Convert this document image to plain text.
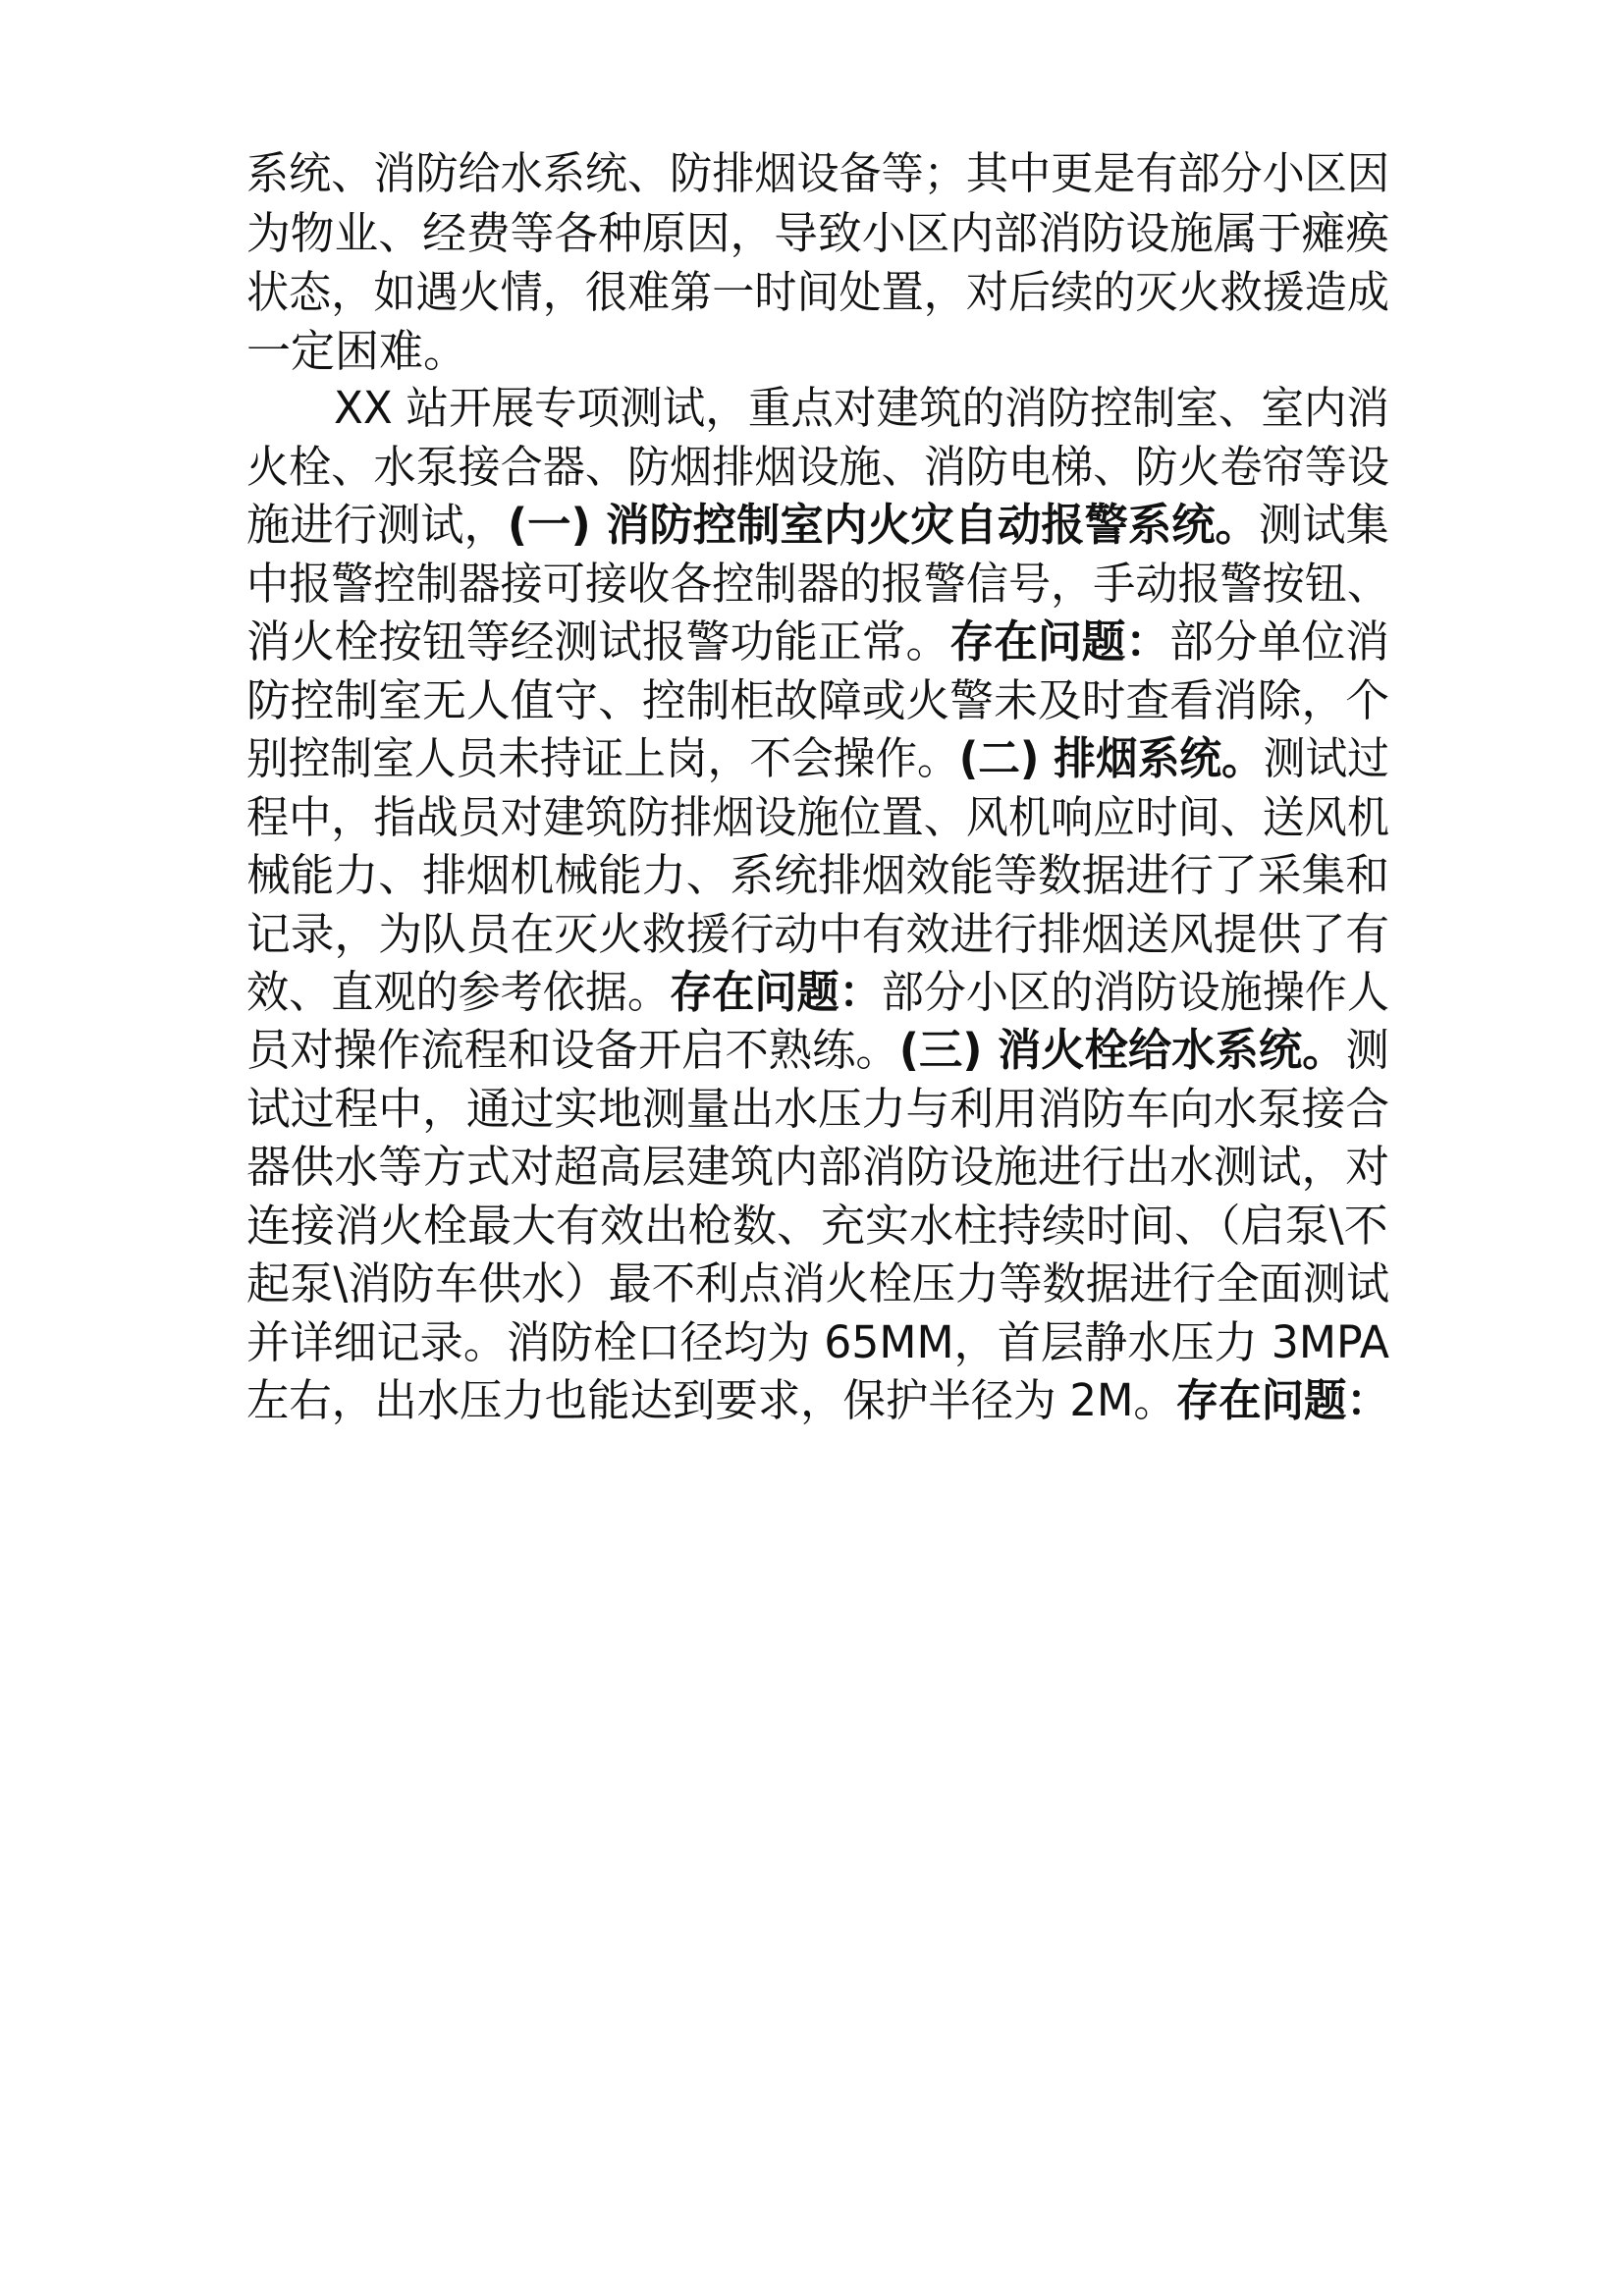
系统、消防给水系统、防排烟设备等；其中更是有部分小区因
为物业、经费等各种原因，导致小区内部消防设施属于瘫痪
状态，如遇火情，很难第一时间处置，对后续的灭火救援造成
一定困难。
XX 站开展专项测试，重点对建筑的消防控制室、室内消
火栓、水泵接合器、防烟排烟设施、消防电梯、防火卷帘等设
施进行测试，(一) 消防控制室内火灾自动报警系统。测试集
中报警控制器接可接收各控制器的报警信号，手动报警按钮、
消火栓按钮等经测试报警功能正常。存在问题：部分单位消
防控制室无人值守、控制柜故障或火警未及时查看消除，个
别控制室人员未持证上岗，不会操作。(二) 排烟系统。测试过
程中，指战员对建筑防排烟设施位置、风机响应时间、送风机
械能力、排烟机械能力、系统排烟效能等数据进行了采集和
记录，为队员在灭火救援行动中有效进行排烟送风提供了有
效、直观的参考依据。存在问题：部分小区的消防设施操作人
员对操作流程和设备开启不熟练。(三) 消火栓给水系统。测
试过程中，通过实地测量出水压力与利用消防车向水泵接合
器供水等方式对超高层建筑内部消防设施进行出水测试，对
连接消火栓最大有效出枪数、充实水柱持续时间、（启泵\不
起泵\消防车供水）最不利点消火栓压力等数据进行全面测试
并详细记录。消防栓口径均为 65MM，首层静水压力 3MPA
左右，出水压力也能达到要求，保护半径为 2M。存在问题：
